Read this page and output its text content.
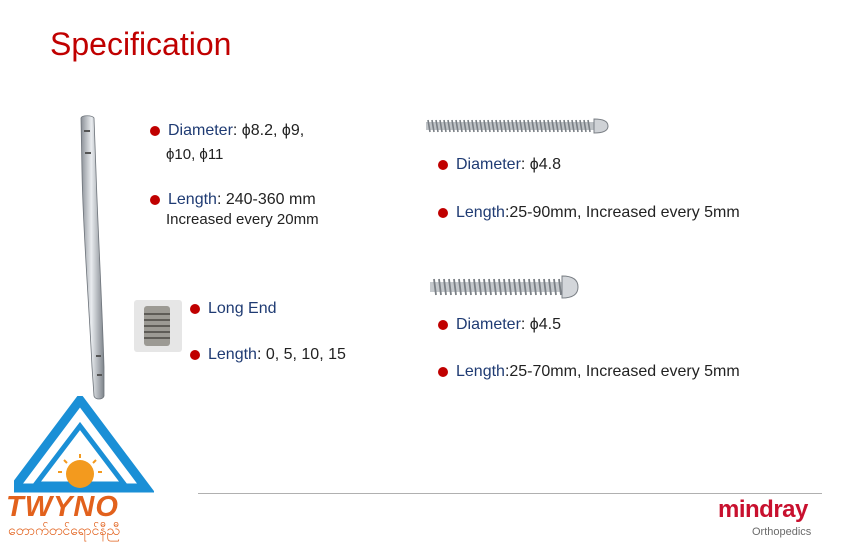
Specification
Diameter: ϕ8.2, ϕ9,
ϕ10, ϕ11
Length: 240-360 mm
Increased every 20mm
Long End
Length: 0, 5, 10, 15
Diameter: ϕ4.8
Length:25-90mm, Increased every 5mm
Diameter: ϕ4.5
Length:25-70mm, Increased every 5mm
TWYNO
တောက်တင်ရောင်နီညီ
mindray
Orthopedics
